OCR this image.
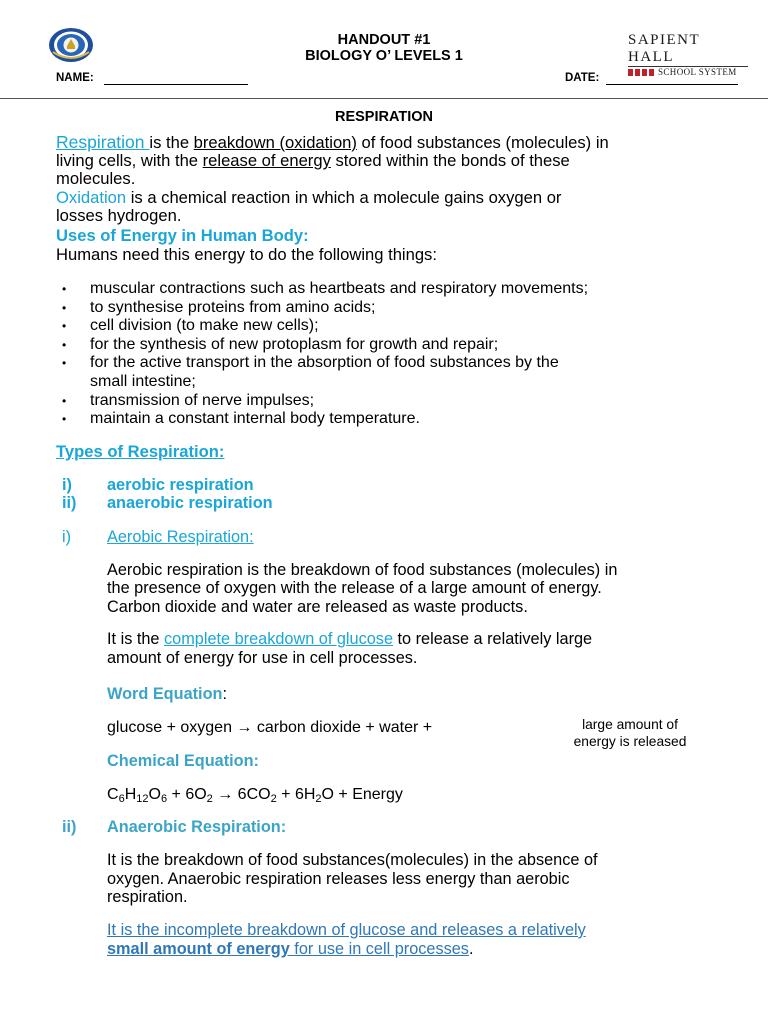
HANDOUT #1
BIOLOGY O’ LEVELS 1
SAPIENT HALL
SCHOOL SYSTEM
NAME:	DATE:
RESPIRATION
Respiration is the breakdown (oxidation) of food substances (molecules) in
living cells, with the release of energy stored within the bonds of these
molecules.
Oxidation is a chemical reaction in which a molecule gains oxygen or
losses hydrogen.
Uses of Energy in Human Body:
Humans need this energy to do the following things:
• muscular contractions such as heartbeats and respiratory movements;
• to synthesise proteins from amino acids;
• cell division (to make new cells);
• for the synthesis of new protoplasm for growth and repair;
• for the active transport in the absorption of food substances by the
small intestine;
• transmission of nerve impulses;
• maintain a constant internal body temperature.
Types of Respiration:
i) aerobic respiration
ii) anaerobic respiration
i) Aerobic Respiration:
Aerobic respiration is the breakdown of food substances (molecules) in
the presence of oxygen with the release of a large amount of energy.
Carbon dioxide and water are released as waste products.
It is the complete breakdown of glucose to release a relatively large
amount of energy for use in cell processes.
Word Equation:
glucose + oxygen → carbon dioxide + water +	large amount of
energy is released
Chemical Equation:
$C_6H_{12}O_6 + 6O_2 \to 6CO_2 + 6H_2O$ + Energy
ii) Anaerobic Respiration:
It is the breakdown of food substances(molecules) in the absence of
oxygen. Anaerobic respiration releases less energy than aerobic
respiration.
It is the incomplete breakdown of glucose and releases a relatively
small amount of energy for use in cell processes.
